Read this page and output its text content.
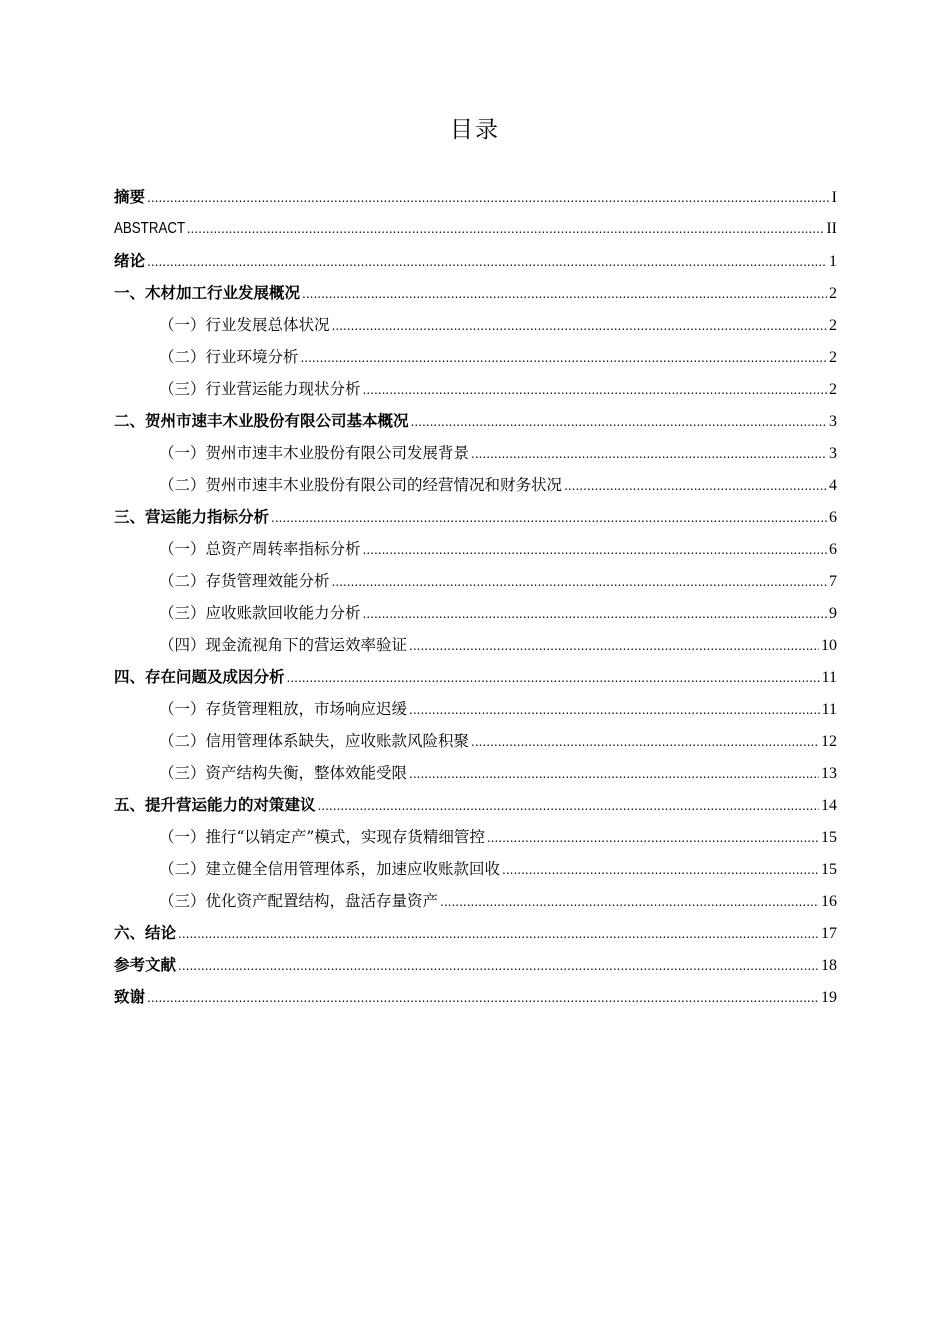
目录
摘要 .....	I
ABSTRACT .....	II
绪论 .....	1
一、 木材加工行业发展概况 .....	2
（一）行业发展总体状况 .....	2
（二）行业环境分析 .....	2
（三）行业营运能力现状分析 .....	2
二、 贺州市速丰木业股份有限公司基本概况 .....	3
（一）贺州市速丰木业股份有限公司发展背景 .....	3
（二）贺州市速丰木业股份有限公司的经营情况和财务状况 .....	4
三、 营运能力指标分析 .....	6
（一）总资产周转率指标分析 .....	6
（二）存货管理效能分析 .....	7
（三）应收账款回收能力分析 .....	9
（四）现金流视角下的营运效率验证 .....	10
四、 存在问题及成因分析 .....	11
（一）存货管理粗放，市场响应迟缓 .....	11
（二）信用管理体系缺失，应收账款风险积聚 .....	12
（三）资产结构失衡，整体效能受限 .....	13
五、 提升营运能力的对策建议 .....	14
（一）推行“以销定产”模式，实现存货精细管控 .....	15
（二）建立健全信用管理体系，加速应收账款回收 .....	15
（三）优化资产配置结构，盘活存量资产 .....	16
六、 结论 .....	17
参考文献 .....	18
致谢 .....	19
